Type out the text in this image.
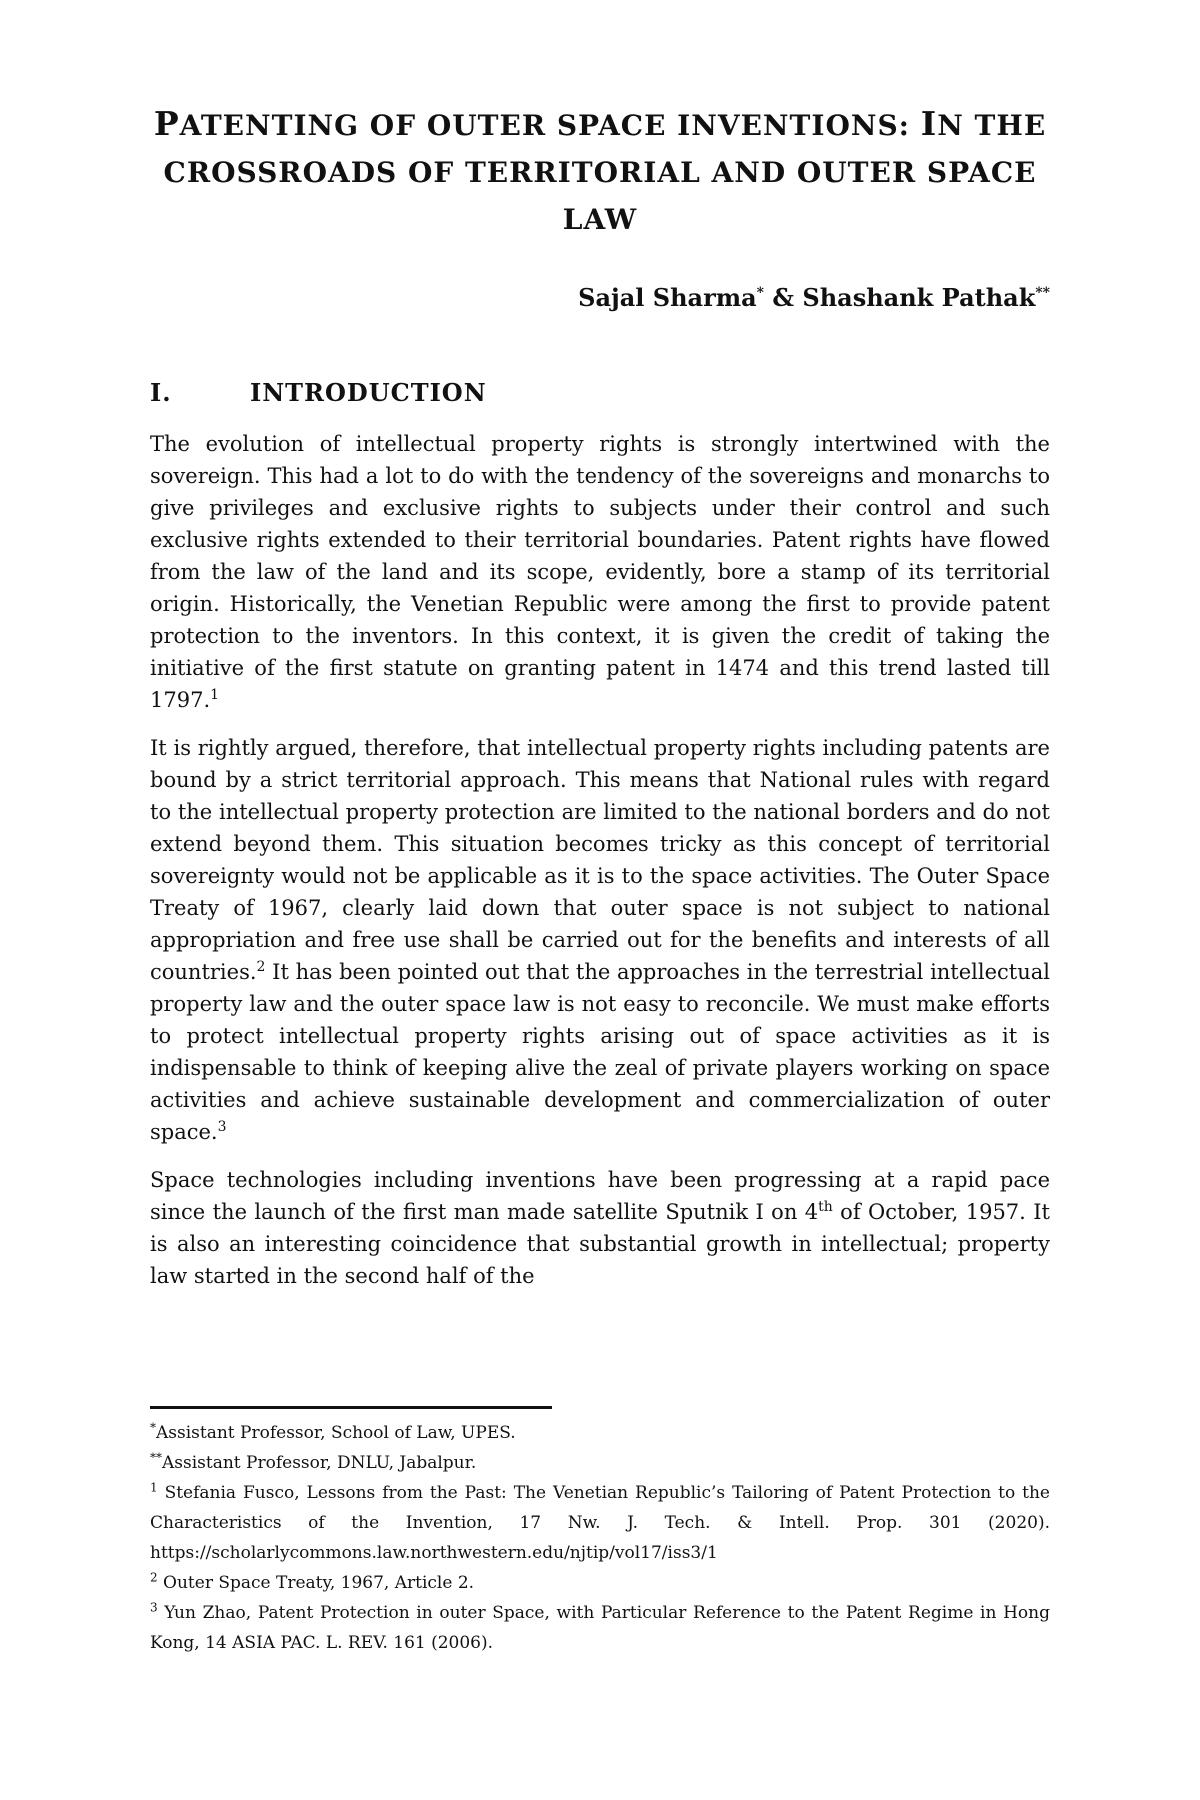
PATENTING OF OUTER SPACE INVENTIONS: IN THE
CROSSROADS OF TERRITORIAL AND OUTER SPACE
LAW

Sajal Sharma* & Shashank Pathak**

I.	INTRODUCTION

The evolution of intellectual property rights is strongly intertwined with the sovereign. This had a lot to do with the tendency of the sovereigns and monarchs to give privileges and exclusive rights to subjects under their control and such exclusive rights extended to their territorial boundaries. Patent rights have flowed from the law of the land and its scope, evidently, bore a stamp of its territorial origin. Historically, the Venetian Republic were among the first to provide patent protection to the inventors. In this context, it is given the credit of taking the initiative of the first statute on granting patent in 1474 and this trend lasted till 1797.$^1$

It is rightly argued, therefore, that intellectual property rights including patents are bound by a strict territorial approach. This means that National rules with regard to the intellectual property protection are limited to the national borders and do not extend beyond them. This situation becomes tricky as this concept of territorial sovereignty would not be applicable as it is to the space activities. The Outer Space Treaty of 1967, clearly laid down that outer space is not subject to national appropriation and free use shall be carried out for the benefits and interests of all countries.$^2$ It has been pointed out that the approaches in the terrestrial intellectual property law and the outer space law is not easy to reconcile. We must make efforts to protect intellectual property rights arising out of space activities as it is indispensable to think of keeping alive the zeal of private players working on space activities and achieve sustainable development and commercialization of outer space.$^3$

Space technologies including inventions have been progressing at a rapid pace since the launch of the first man made satellite Sputnik I on 4th of October, 1957. It is also an interesting coincidence that substantial growth in intellectual; property law started in the second half of the

*Assistant Professor, School of Law, UPES.

**Assistant Professor, DNLU, Jabalpur.

$^1$ Stefania Fusco, Lessons from the Past: The Venetian Republic’s Tailoring of Patent Protection to the Characteristics of the Invention, 17 Nw. J. Tech. & Intell. Prop. 301 (2020). https://scholarlycommons.law.northwestern.edu/njtip/vol17/iss3/1

$^2$ Outer Space Treaty, 1967, Article 2.

$^3$ Yun Zhao, Patent Protection in outer Space, with Particular Reference to the Patent Regime in Hong Kong, 14 ASIA PAC. L. REV. 161 (2006).
